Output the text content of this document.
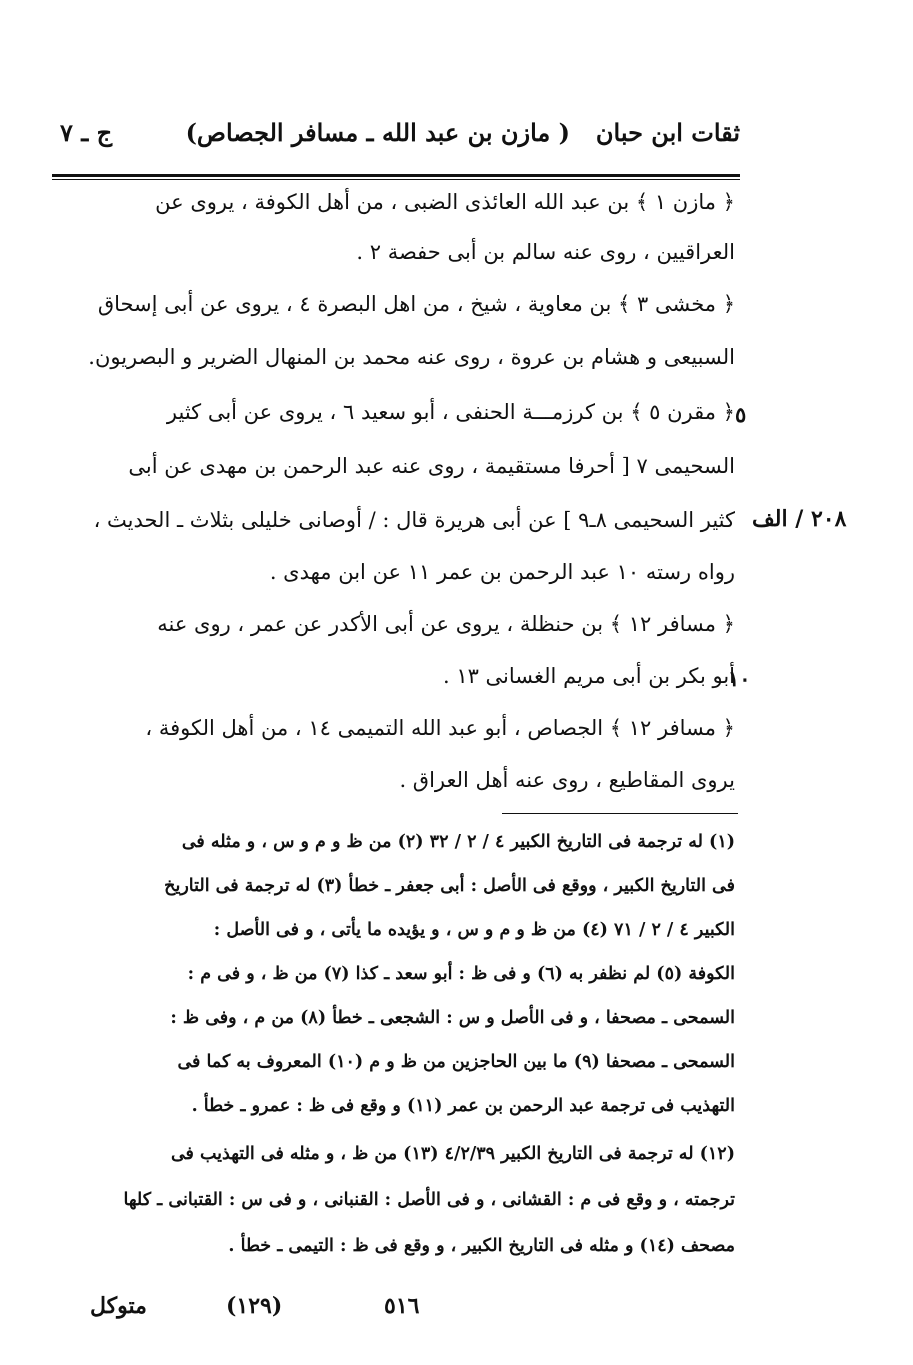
ثقات ابن حبان
( مازن بن عبد الله ـ مسافر الجصاص)
ج ـ ٧
﴿ مازن ١ ﴾ بن عبد الله العائذى الضبى ، من أهل الكوفة ، يروى عن
العراقيين ، روى عنه سالم بن أبى حفصة ٢ .
﴿ مخشى ٣ ﴾ بن معاوية ، شيخ ، من اهل البصرة ٤ ، يروى عن أبى إسحاق
السبيعى و هشام بن عروة ، روى عنه محمد بن المنهال الضرير و البصريون.
﴿ مقرن ٥ ﴾ بن كرزمـــة الحنفى ، أبو سعيد ٦ ، يروى عن أبى كثير
السحيمى ٧ [ أحرفا مستقيمة ، روى عنه عبد الرحمن بن مهدى عن أبى
كثير السحيمى ٨ـ٩ ] عن أبى هريرة قال : / أوصانى خليلى بثلاث ـ الحديث ،
رواه رسته ١٠ عبد الرحمن بن عمر ١١ عن ابن مهدى .
﴿ مسافر ١٢ ﴾ بن حنظلة ، يروى عن أبى الأكدر عن عمر ، روى عنه
أبو بكر بن أبى مريم الغسانى ١٣ .
﴿ مسافر ١٢ ﴾ الجصاص ، أبو عبد الله التميمى ١٤ ، من أهل الكوفة ،
يروى المقاطيع ، روى عنه أهل العراق .
٥
١٠
٢٠٨ / الف
(١) له ترجمة فى التاريخ الكبير ٤ / ٢ / ٣٢ (٢) من ظ و م و س ، و مثله فى
فى التاريخ الكبير ، ووقع فى الأصل : أبى جعفر ـ خطأ (٣) له ترجمة فى التاريخ
الكبير ٤ / ٢ / ٧١ (٤) من ظ و م و س ، و يؤيده ما يأتى ، و فى الأصل :
الكوفة (٥) لم نظفر به (٦) و فى ظ : أبو سعد ـ كذا (٧) من ظ ، و فى م :
السمحى ـ مصحفا ، و فى الأصل و س : الشجعى ـ خطأ (٨) من م ، وفى ظ :
السمحى ـ مصحفا (٩) ما بين الحاجزين من ظ و م (١٠) المعروف به كما فى
التهذيب فى ترجمة عبد الرحمن بن عمر (١١) و وقع فى ظ : عمرو ـ خطأ .
(١٢) له ترجمة فى التاريخ الكبير ٤/٢/٣٩ (١٣) من ظ ، و مثله فى التهذيب فى
ترجمته ، و وقع فى م : القشانى ، و فى الأصل : القنبانى ، و فى س : القتبانى ـ كلها
مصحف (١٤) و مثله فى التاريخ الكبير ، و وقع فى ظ : التيمى ـ خطأ .
٥١٦
(١٢٩)
متوكل
